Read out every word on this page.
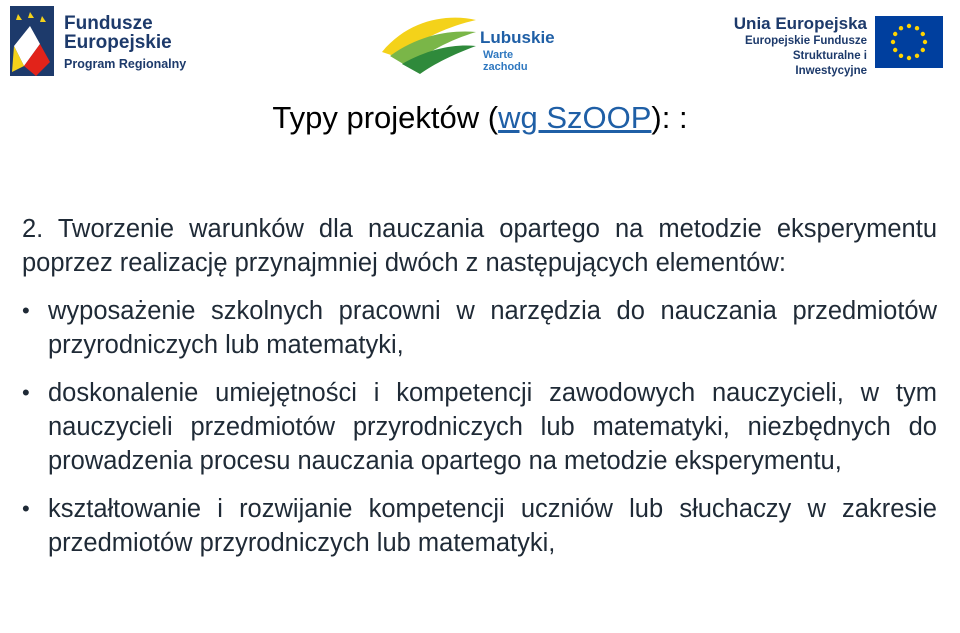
Fundusze
Europejskie
Program Regionalny
Lubuskie
Warte zachodu
Unia Europejska
Europejskie Fundusze
Strukturalne i Inwestycyjne
Typy projektów (wg SzOOP): :

2. Tworzenie warunków dla nauczania opartego na metodzie eksperymentu poprzez realizację przynajmniej dwóch z następujących elementów:

• wyposażenie szkolnych pracowni w narzędzia do nauczania przedmiotów przyrodniczych lub matematyki,
• doskonalenie umiejętności i kompetencji zawodowych nauczycieli, w tym nauczycieli przedmiotów przyrodniczych lub matematyki, niezbędnych do prowadzenia procesu nauczania opartego na metodzie eksperymentu,
• kształtowanie i rozwijanie kompetencji uczniów lub słuchaczy w zakresie przedmiotów przyrodniczych lub matematyki,
